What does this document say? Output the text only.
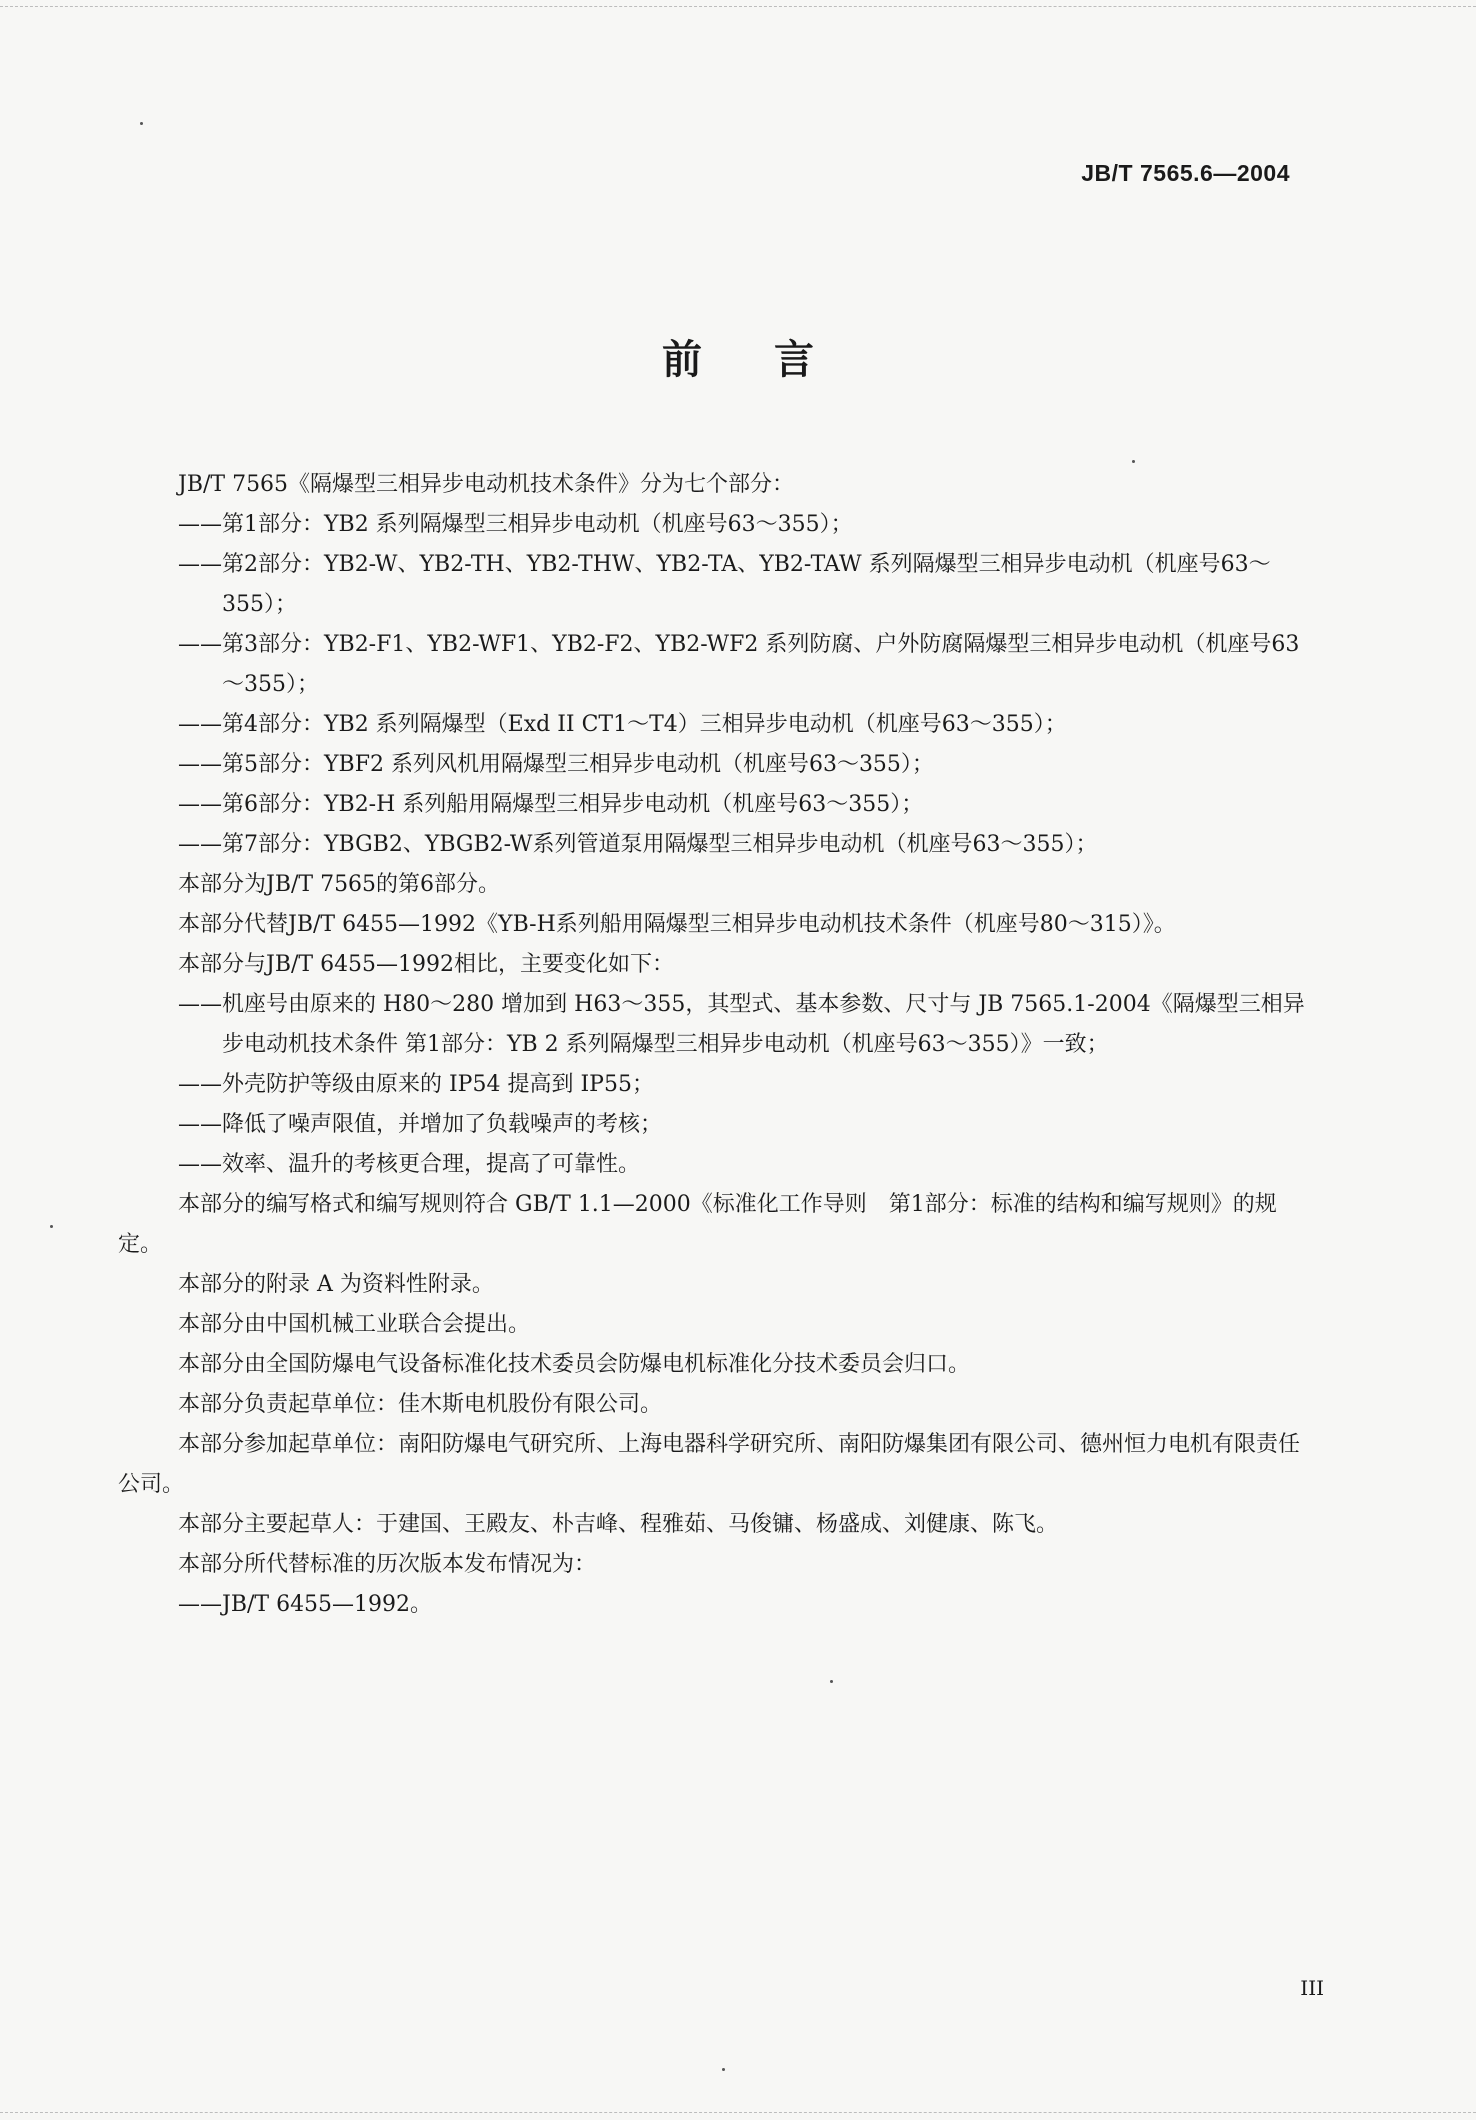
JB/T 7565.6—2004
前言
JB/T 7565《隔爆型三相异步电动机技术条件》分为七个部分：
——第1部分：YB2 系列隔爆型三相异步电动机（机座号63～355）；
——第2部分：YB2-W、YB2-TH、YB2-THW、YB2-TA、YB2-TAW 系列隔爆型三相异步电动机（机座号63～355）；
——第3部分：YB2-F1、YB2-WF1、YB2-F2、YB2-WF2 系列防腐、户外防腐隔爆型三相异步电动机（机座号63～355）；
——第4部分：YB2 系列隔爆型（Exd II CT1～T4）三相异步电动机（机座号63～355）；
——第5部分：YBF2 系列风机用隔爆型三相异步电动机（机座号63～355）；
——第6部分：YB2-H 系列船用隔爆型三相异步电动机（机座号63～355）；
——第7部分：YBGB2、YBGB2-W系列管道泵用隔爆型三相异步电动机（机座号63～355）；
本部分为JB/T 7565的第6部分。
本部分代替JB/T 6455—1992《YB-H系列船用隔爆型三相异步电动机技术条件（机座号80～315）》。
本部分与JB/T 6455—1992相比，主要变化如下：
——机座号由原来的 H80～280 增加到 H63～355，其型式、基本参数、尺寸与 JB 7565.1-2004《隔爆型三相异步电动机技术条件 第1部分：YB 2 系列隔爆型三相异步电动机（机座号63～355）》一致；
——外壳防护等级由原来的 IP54 提高到 IP55；
——降低了噪声限值，并增加了负载噪声的考核；
——效率、温升的考核更合理，提高了可靠性。
本部分的编写格式和编写规则符合 GB/T 1.1—2000《标准化工作导则　第1部分：标准的结构和编写规则》的规定。
本部分的附录 A 为资料性附录。
本部分由中国机械工业联合会提出。
本部分由全国防爆电气设备标准化技术委员会防爆电机标准化分技术委员会归口。
本部分负责起草单位：佳木斯电机股份有限公司。
本部分参加起草单位：南阳防爆电气研究所、上海电器科学研究所、南阳防爆集团有限公司、德州恒力电机有限责任公司。
本部分主要起草人：于建国、王殿友、朴吉峰、程雅茹、马俊镛、杨盛成、刘健康、陈飞。
本部分所代替标准的历次版本发布情况为：
——JB/T 6455—1992。
III
